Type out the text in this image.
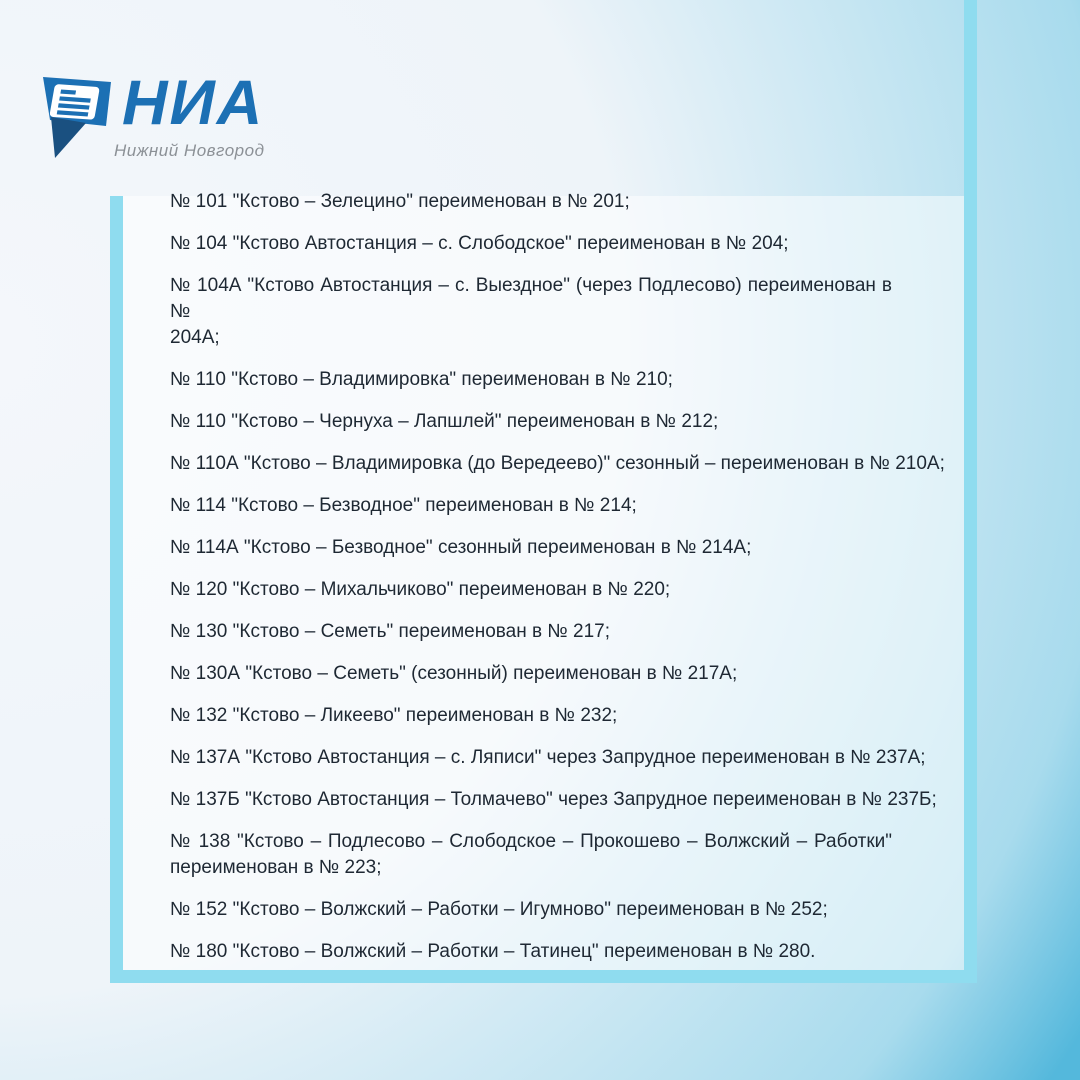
НИА
Нижний Новгород
№ 101 "Кстово – Зелецино" переименован в № 201;
№ 104 "Кстово Автостанция – с. Слободское" переименован в № 204;
№ 104А "Кстово Автостанция – с. Выездное" (через Подлесово) переименован в №
204А;
№ 110 "Кстово – Владимировка" переименован в № 210;
№ 110 "Кстово – Чернуха – Лапшлей" переименован в № 212;
№ 110А "Кстово – Владимировка (до Вередеево)" сезонный – переименован в № 210А;
№ 114 "Кстово – Безводное" переименован в № 214;
№ 114А "Кстово – Безводное" сезонный переименован в № 214А;
№ 120 "Кстово – Михальчиково" переименован в № 220;
№ 130 "Кстово – Семеть" переименован в № 217;
№ 130А "Кстово – Семеть" (сезонный) переименован в № 217А;
№ 132 "Кстово – Ликеево" переименован в № 232;
№ 137А "Кстово Автостанция – с. Ляписи" через Запрудное переименован в № 237А;
№ 137Б "Кстово Автостанция – Толмачево" через Запрудное переименован в № 237Б;
№ 138 "Кстово – Подлесово – Слободское – Прокошево – Волжский – Работки"
переименован в № 223;
№ 152 "Кстово – Волжский – Работки – Игумново" переименован в № 252;
№ 180 "Кстово – Волжский – Работки – Татинец" переименован в № 280.
